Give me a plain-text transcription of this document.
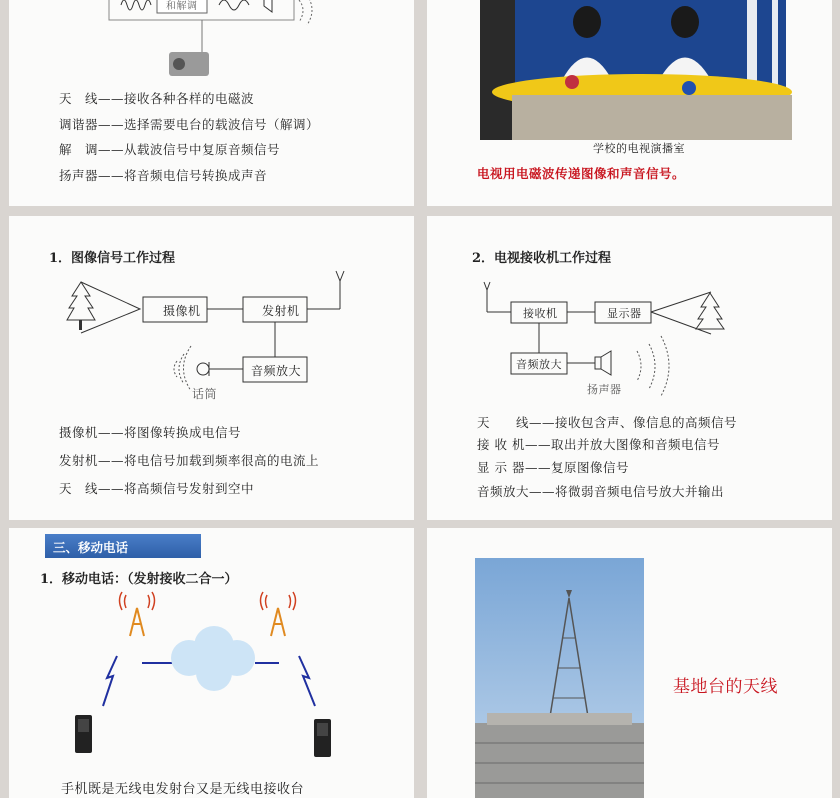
和解调
天　线——接收各种各样的电磁波
调谐器——选择需要电台的载波信号（解调）
解　调——从载波信号中复原音频信号
扬声器——将音频电信号转换成声音
学校的电视演播室
电视用电磁波传递图像和声音信号。
1．图像信号工作过程
摄像机	发射机
音频放大
话筒
摄像机——将图像转换成电信号
发射机——将电信号加载到频率很高的电流上
天　线——将高频信号发射到空中
2．电视接收机工作过程
接收机	显示器
音频放大
扬声器
天　　线——接收包含声、像信息的高频信号
接 收 机——取出并放大图像和音频电信号
显 示 器——复原图像信号
音频放大——将微弱音频电信号放大并输出
三、移动电话
1．移动电话：（发射接收二合一）
手机既是无线电发射台又是无线电接收台
基地台的天线
